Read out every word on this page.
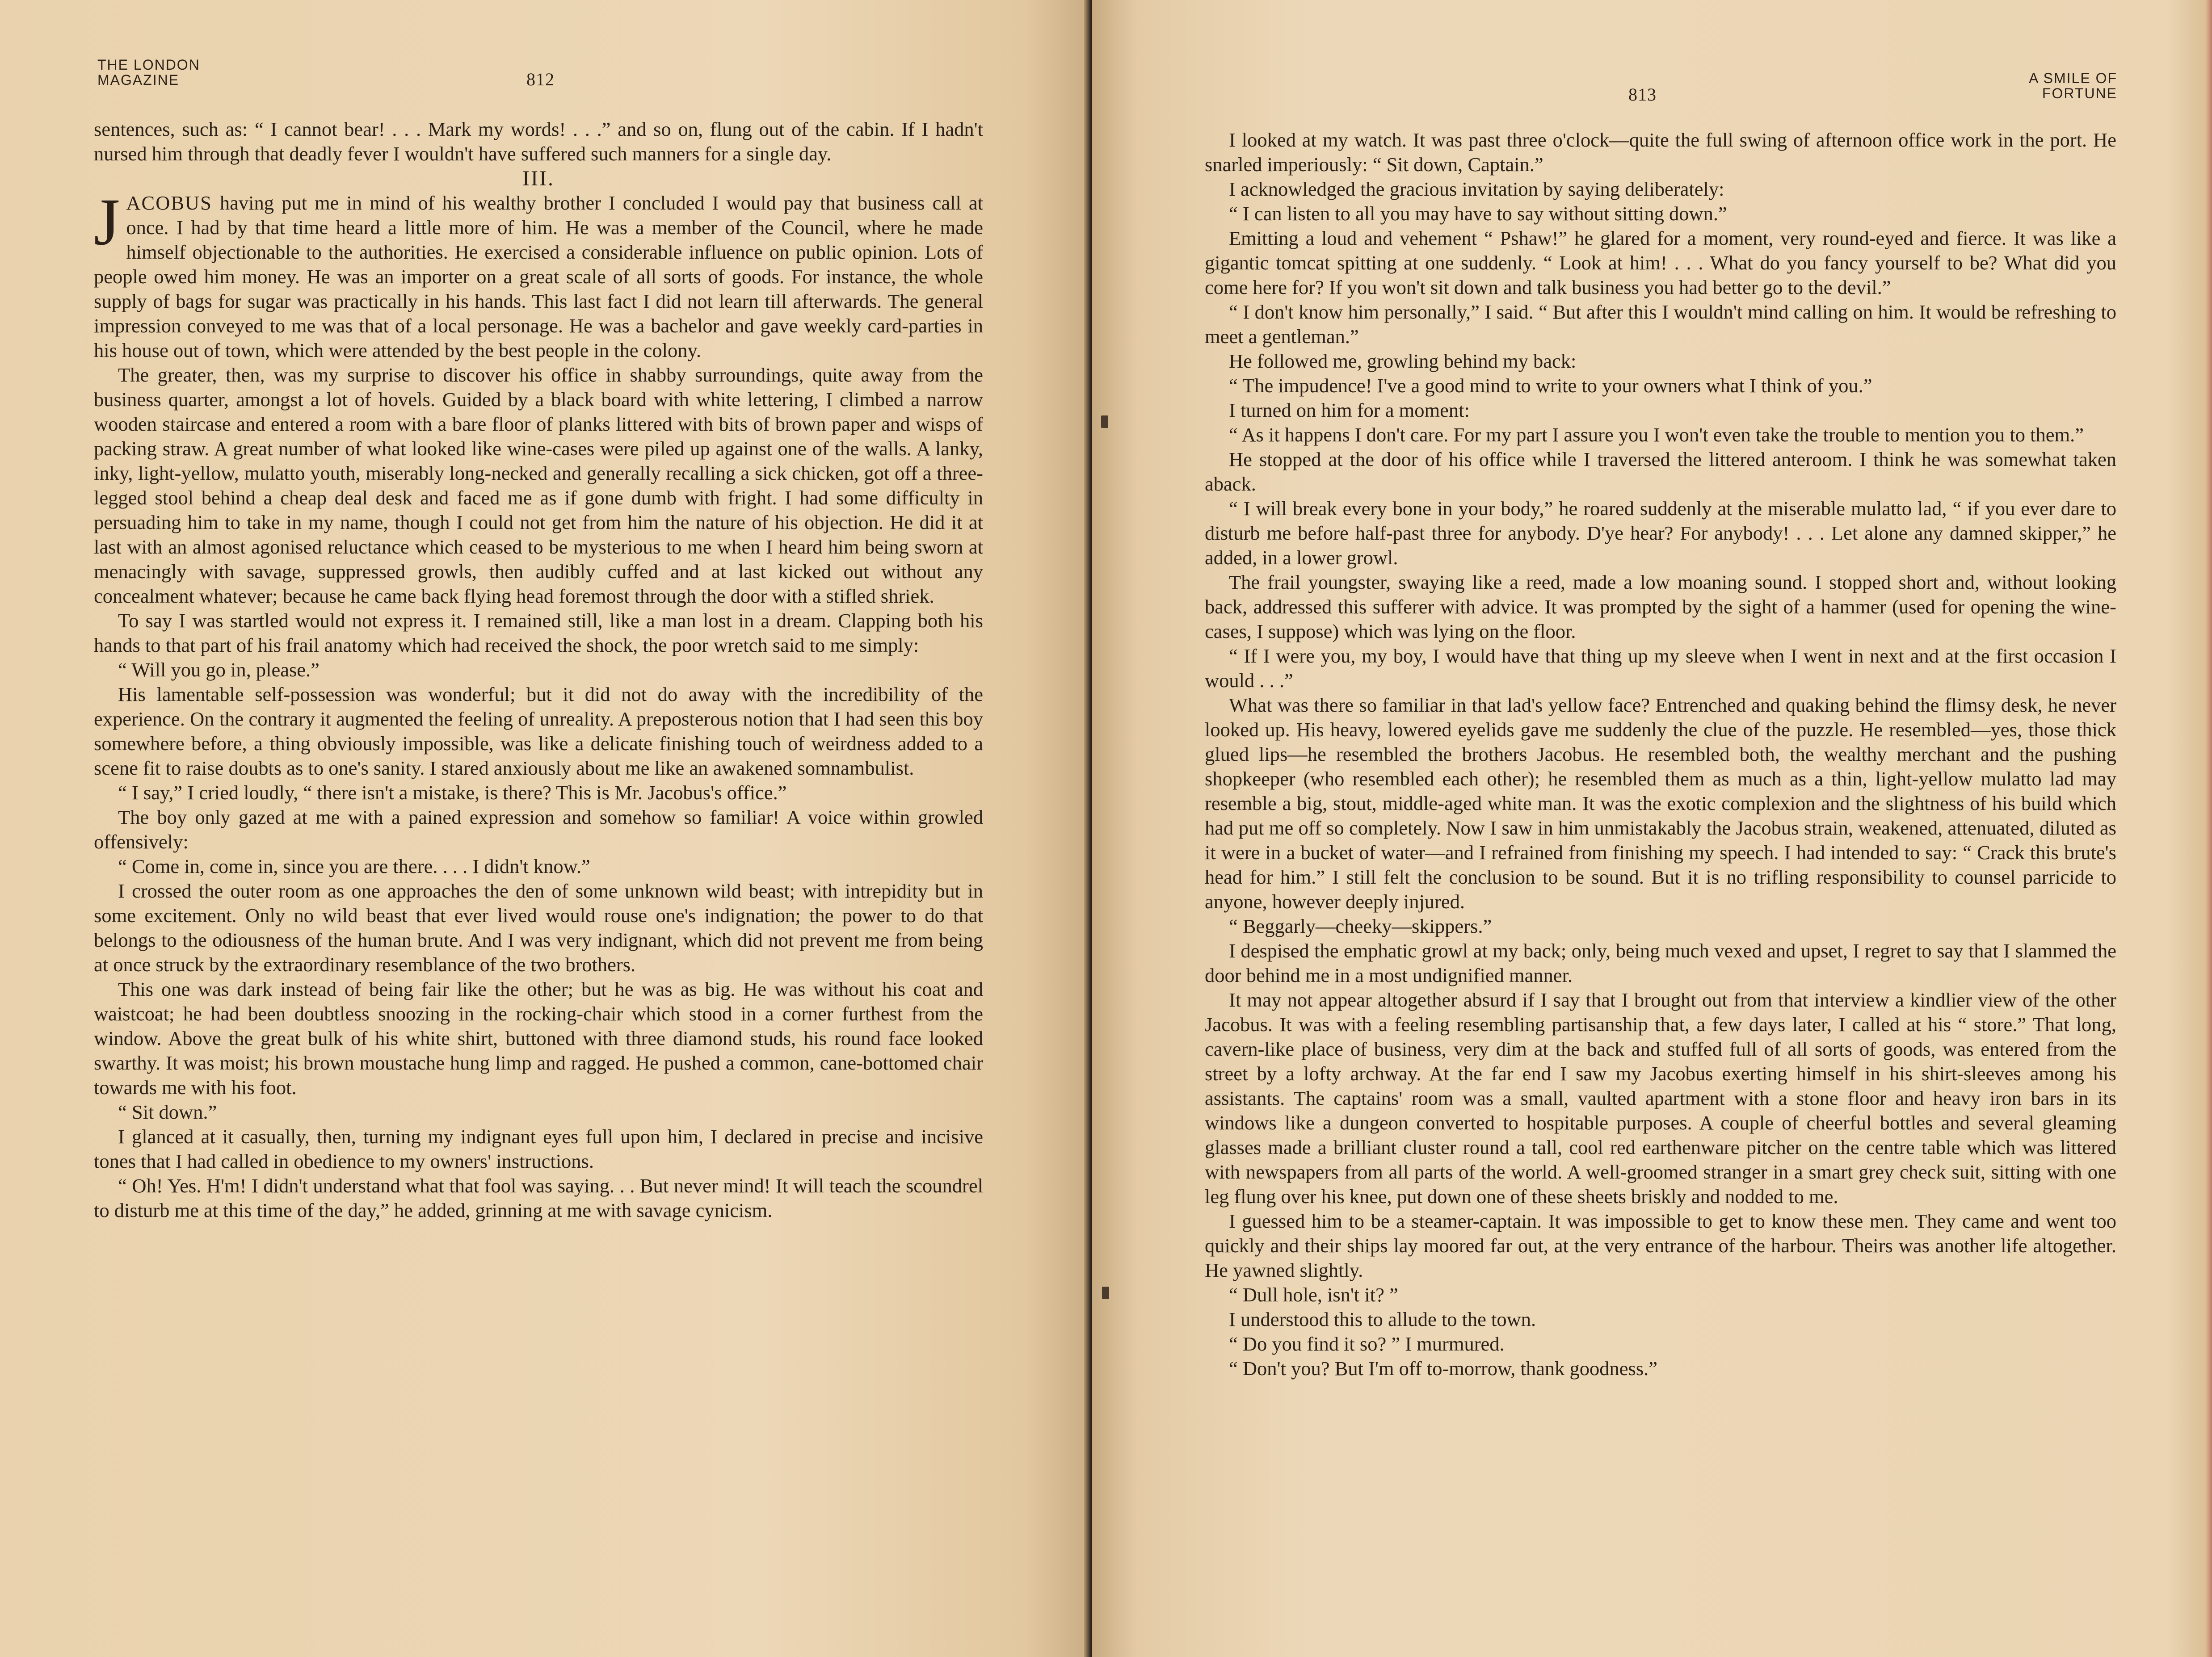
THE LONDON
MAGAZINE	812

sentences, such as: “ I cannot bear! . . . Mark my words! . . .” and so on, flung out of the cabin. If I hadn't nursed him through that deadly fever I wouldn't have suffered such manners for a single day.

III.

JACOBUS having put me in mind of his wealthy brother I concluded I would pay that business call at once. I had by that time heard a little more of him. He was a member of the Council, where he made himself objectionable to the authorities. He exercised a considerable influence on public opinion. Lots of people owed him money. He was an importer on a great scale of all sorts of goods. For instance, the whole supply of bags for sugar was practically in his hands. This last fact I did not learn till afterwards. The general impression conveyed to me was that of a local personage. He was a bachelor and gave weekly card-parties in his house out of town, which were attended by the best people in the colony.

The greater, then, was my surprise to discover his office in shabby surroundings, quite away from the business quarter, amongst a lot of hovels. Guided by a black board with white lettering, I climbed a narrow wooden staircase and entered a room with a bare floor of planks littered with bits of brown paper and wisps of packing straw. A great number of what looked like wine-cases were piled up against one of the walls. A lanky, inky, light-yellow, mulatto youth, miserably long-necked and generally recalling a sick chicken, got off a three-legged stool behind a cheap deal desk and faced me as if gone dumb with fright. I had some difficulty in persuading him to take in my name, though I could not get from him the nature of his objection. He did it at last with an almost agonised reluctance which ceased to be mysterious to me when I heard him being sworn at menacingly with savage, suppressed growls, then audibly cuffed and at last kicked out without any concealment whatever; because he came back flying head foremost through the door with a stifled shriek.

To say I was startled would not express it. I remained still, like a man lost in a dream. Clapping both his hands to that part of his frail anatomy which had received the shock, the poor wretch said to me simply:

“ Will you go in, please.”

His lamentable self-possession was wonderful; but it did not do away with the incredibility of the experience. On the contrary it augmented the feeling of unreality. A preposterous notion that I had seen this boy somewhere before, a thing obviously impossible, was like a delicate finishing touch of weirdness added to a scene fit to raise doubts as to one's sanity. I stared anxiously about me like an awakened somnambulist.

“ I say,” I cried loudly, “ there isn't a mistake, is there? This is Mr. Jacobus's office.”

The boy only gazed at me with a pained expression and somehow so familiar! A voice within growled offensively:

“ Come in, come in, since you are there. . . . I didn't know.”

I crossed the outer room as one approaches the den of some unknown wild beast; with intrepidity but in some excitement. Only no wild beast that ever lived would rouse one's indignation; the power to do that belongs to the odiousness of the human brute. And I was very indignant, which did not prevent me from being at once struck by the extraordinary resemblance of the two brothers.

This one was dark instead of being fair like the other; but he was as big. He was without his coat and waistcoat; he had been doubtless snoozing in the rocking-chair which stood in a corner furthest from the window. Above the great bulk of his white shirt, buttoned with three diamond studs, his round face looked swarthy. It was moist; his brown moustache hung limp and ragged. He pushed a common, cane-bottomed chair towards me with his foot.

“ Sit down.”

I glanced at it casually, then, turning my indignant eyes full upon him, I declared in precise and incisive tones that I had called in obedience to my owners' instructions.

“ Oh! Yes. H'm! I didn't understand what that fool was saying. . . But never mind! It will teach the scoundrel to disturb me at this time of the day,” he added, grinning at me with savage cynicism.

813
A SMILE OF
FORTUNE

I looked at my watch. It was past three o'clock—quite the full swing of afternoon office work in the port. He snarled imperiously: “ Sit down, Captain.”

I acknowledged the gracious invitation by saying deliberately:

“ I can listen to all you may have to say without sitting down.”

Emitting a loud and vehement “ Pshaw!” he glared for a moment, very round-eyed and fierce. It was like a gigantic tomcat spitting at one suddenly. “ Look at him! . . . What do you fancy yourself to be? What did you come here for? If you won't sit down and talk business you had better go to the devil.”

“ I don't know him personally,” I said. “ But after this I wouldn't mind calling on him. It would be refreshing to meet a gentleman.”

He followed me, growling behind my back:

“ The impudence! I've a good mind to write to your owners what I think of you.”

I turned on him for a moment:

“ As it happens I don't care. For my part I assure you I won't even take the trouble to mention you to them.”

He stopped at the door of his office while I traversed the littered anteroom. I think he was somewhat taken aback.

“ I will break every bone in your body,” he roared suddenly at the miserable mulatto lad, “ if you ever dare to disturb me before half-past three for anybody. D'ye hear? For anybody! . . . Let alone any damned skipper,” he added, in a lower growl.

The frail youngster, swaying like a reed, made a low moaning sound. I stopped short and, without looking back, addressed this sufferer with advice. It was prompted by the sight of a hammer (used for opening the wine-cases, I suppose) which was lying on the floor.

“ If I were you, my boy, I would have that thing up my sleeve when I went in next and at the first occasion I would . . .”

What was there so familiar in that lad's yellow face? Entrenched and quaking behind the flimsy desk, he never looked up. His heavy, lowered eyelids gave me suddenly the clue of the puzzle. He resembled—yes, those thick glued lips—he resembled the brothers Jacobus. He resembled both, the wealthy merchant and the pushing shopkeeper (who resembled each other); he resembled them as much as a thin, light-yellow mulatto lad may resemble a big, stout, middle-aged white man. It was the exotic complexion and the slightness of his build which had put me off so completely. Now I saw in him unmistakably the Jacobus strain, weakened, attenuated, diluted as it were in a bucket of water—and I refrained from finishing my speech. I had intended to say: “ Crack this brute's head for him.” I still felt the conclusion to be sound. But it is no trifling responsibility to counsel parricide to anyone, however deeply injured.

“ Beggarly—cheeky—skippers.”

I despised the emphatic growl at my back; only, being much vexed and upset, I regret to say that I slammed the door behind me in a most undignified manner.

It may not appear altogether absurd if I say that I brought out from that interview a kindlier view of the other Jacobus. It was with a feeling resembling partisanship that, a few days later, I called at his “ store.” That long, cavern-like place of business, very dim at the back and stuffed full of all sorts of goods, was entered from the street by a lofty archway. At the far end I saw my Jacobus exerting himself in his shirt-sleeves among his assistants. The captains' room was a small, vaulted apartment with a stone floor and heavy iron bars in its windows like a dungeon converted to hospitable purposes. A couple of cheerful bottles and several gleaming glasses made a brilliant cluster round a tall, cool red earthenware pitcher on the centre table which was littered with newspapers from all parts of the world. A well-groomed stranger in a smart grey check suit, sitting with one leg flung over his knee, put down one of these sheets briskly and nodded to me.

I guessed him to be a steamer-captain. It was impossible to get to know these men. They came and went too quickly and their ships lay moored far out, at the very entrance of the harbour. Theirs was another life altogether. He yawned slightly.

“ Dull hole, isn't it? ”

I understood this to allude to the town.

“ Do you find it so? ” I murmured.

“ Don't you? But I'm off to-morrow, thank goodness.”
